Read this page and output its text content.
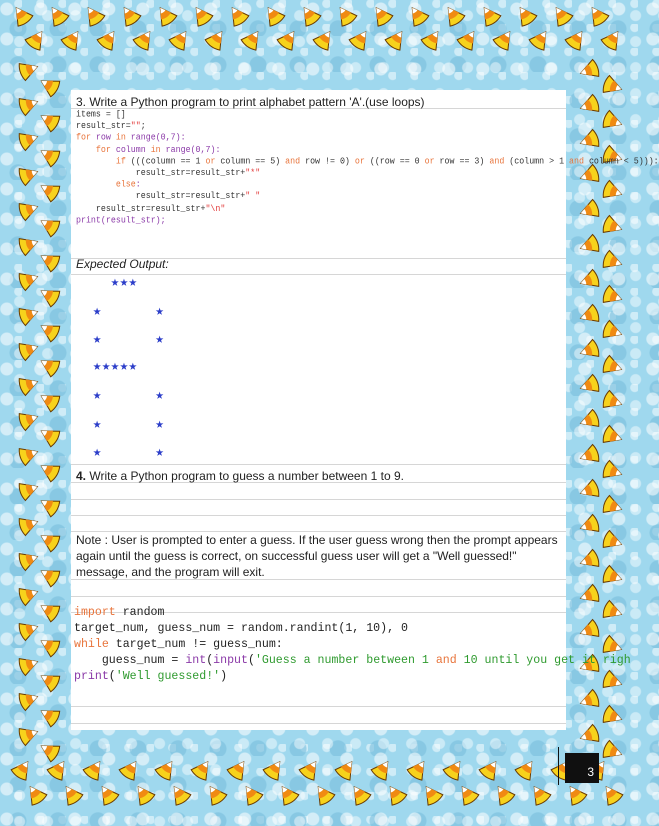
3. Write a Python program to print alphabet pattern 'A'.(use loops)
items = []
result_str="";
for row in range(0,7):
for column in range(0,7):
if (((column == 1 or column == 5) and row != 0) or ((row == 0 or row == 3) and (column > 1 and column < 5))):
result_str=result_str+"*"
else:
result_str=result_str+" "
result_str=result_str+"\n"
print(result_str);
Expected Output:
★★★
★      ★
★      ★
★★★★★
★      ★
★      ★
★      ★
4. Write a Python program to guess a number between 1 to 9.
Note : User is prompted to enter a guess. If the user guess wrong then the prompt appears again until the guess is correct, on successful guess user will get a "Well guessed!" message, and the program will exit.
import random
target_num, guess_num = random.randint(1, 10), 0
while target_num != guess_num:
guess_num = int(input('Guess a number between 1 and 10 until you get it righ
print('Well guessed!')
3
